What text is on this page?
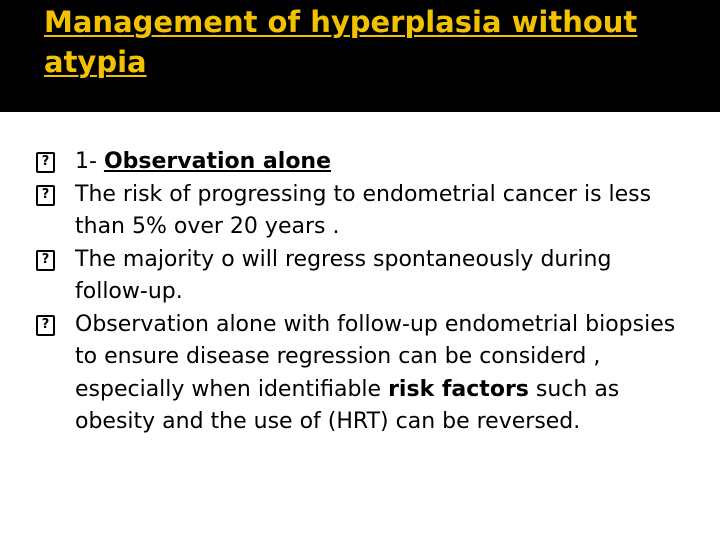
Management of hyperplasia without atypia
?
1- Observation alone
?
The risk of progressing to endometrial cancer is less than 5% over 20 years .
?
The majority o will regress spontaneously during follow-up.
?
Observation alone with follow-up endometrial biopsies to ensure disease regression can be considerd , especially when identifiable risk factors such as obesity and the use of (HRT) can be reversed.
